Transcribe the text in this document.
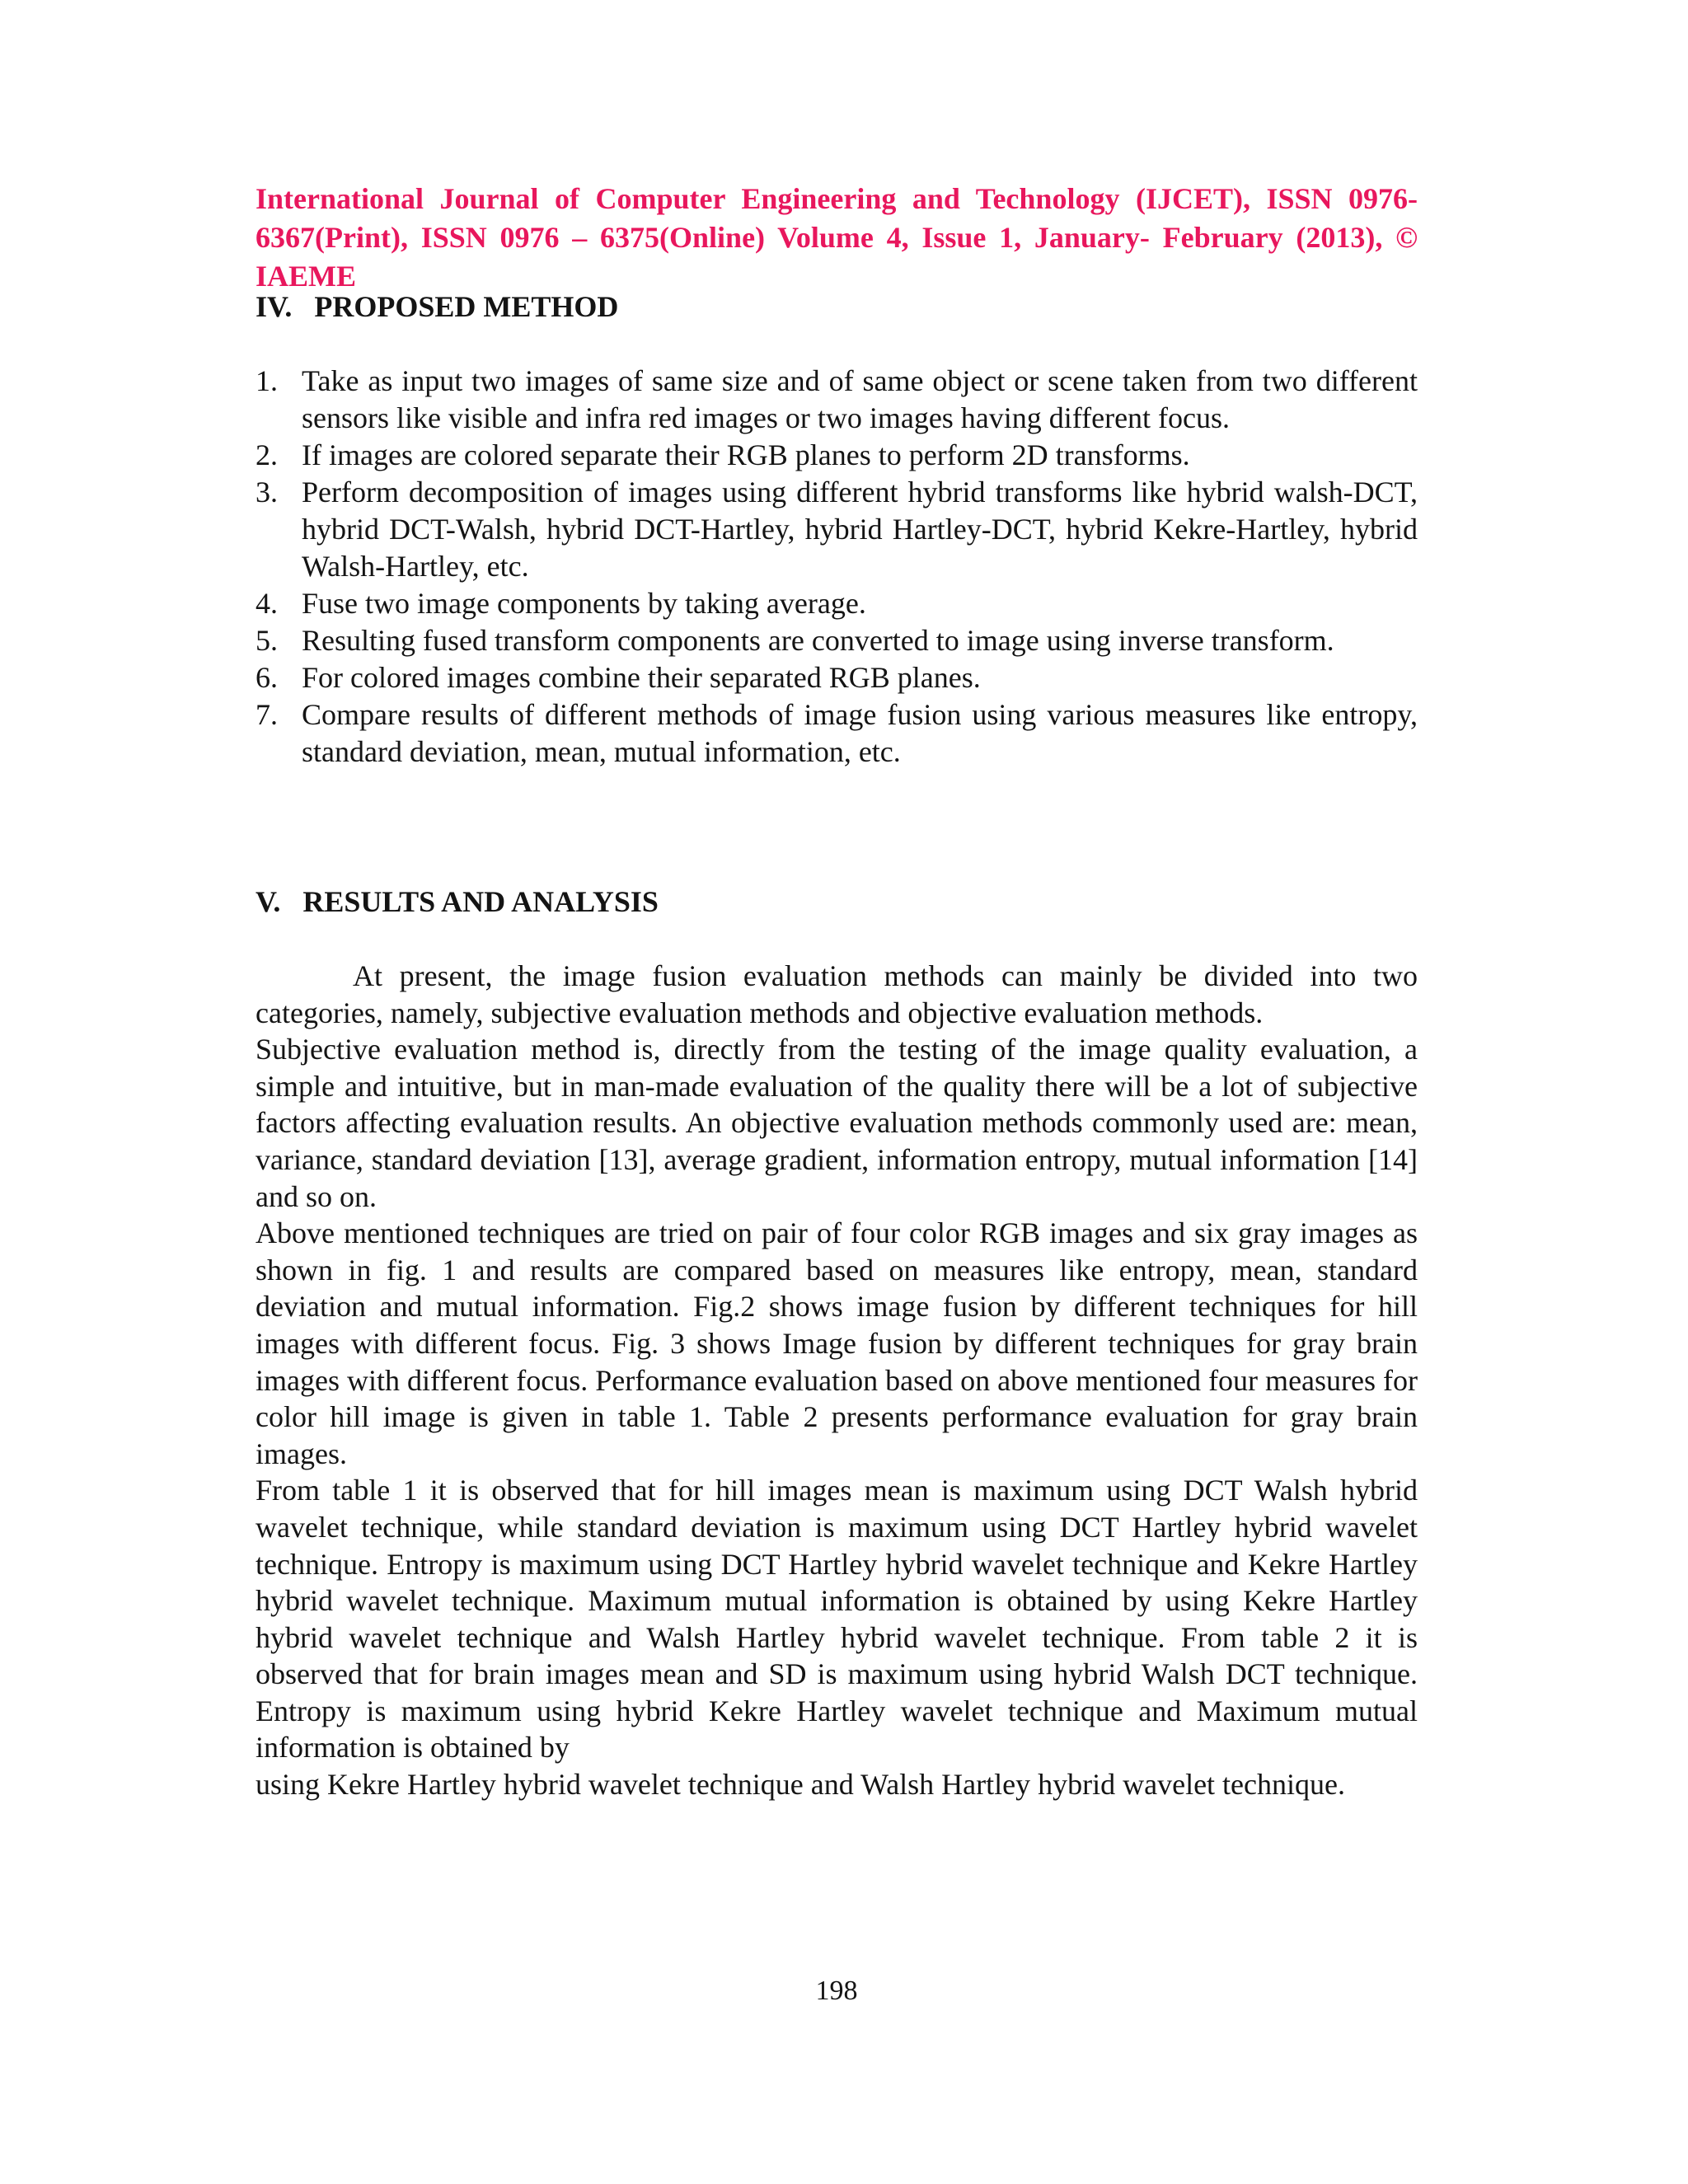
International Journal of Computer Engineering and Technology (IJCET), ISSN 0976-6367(Print), ISSN 0976 – 6375(Online) Volume 4, Issue 1, January- February (2013), © IAEME
IV.   PROPOSED METHOD
1. Take as input two images of same size and of same object or scene taken from two different sensors like visible and infra red images or two images having different focus.
2. If images are colored separate their RGB planes to perform 2D transforms.
3. Perform decomposition of images using different hybrid transforms like hybrid walsh-DCT, hybrid DCT-Walsh, hybrid DCT-Hartley, hybrid Hartley-DCT, hybrid Kekre-Hartley, hybrid Walsh-Hartley, etc.
4. Fuse two image components by taking average.
5. Resulting fused transform components are converted to image using inverse transform.
6. For colored images combine their separated RGB planes.
7. Compare results of different methods of image fusion using various measures like entropy, standard deviation, mean, mutual information, etc.
V.   RESULTS AND ANALYSIS

At present, the image fusion evaluation methods can mainly be divided into two categories, namely, subjective evaluation methods and objective evaluation methods.

Subjective evaluation method is, directly from the testing of the image quality evaluation, a simple and intuitive, but in man-made evaluation of the quality there will be a lot of subjective factors affecting evaluation results. An objective evaluation methods commonly used are: mean, variance, standard deviation [13], average gradient, information entropy, mutual information [14] and so on.

Above mentioned techniques are tried on pair of four color RGB images and six gray images as shown in fig. 1 and results are compared based on measures like entropy, mean, standard deviation and mutual information. Fig.2 shows image fusion by different techniques for hill images with different focus. Fig. 3 shows Image fusion by different techniques for gray brain images with different focus. Performance evaluation based on above mentioned four measures for color hill image is given in table 1. Table 2 presents performance evaluation for gray brain images.

From table 1 it is observed that for hill images mean is maximum using DCT Walsh hybrid wavelet technique, while standard deviation is maximum using DCT Hartley hybrid wavelet technique. Entropy is maximum using DCT Hartley hybrid wavelet technique and Kekre Hartley hybrid wavelet technique. Maximum mutual information is obtained by using Kekre Hartley hybrid wavelet technique and Walsh Hartley hybrid wavelet technique. From table 2 it is observed that for brain images mean and SD is maximum using hybrid Walsh DCT technique. Entropy is maximum using hybrid Kekre Hartley wavelet technique and Maximum mutual information is obtained by

using Kekre Hartley hybrid wavelet technique and Walsh Hartley hybrid wavelet technique.

198
